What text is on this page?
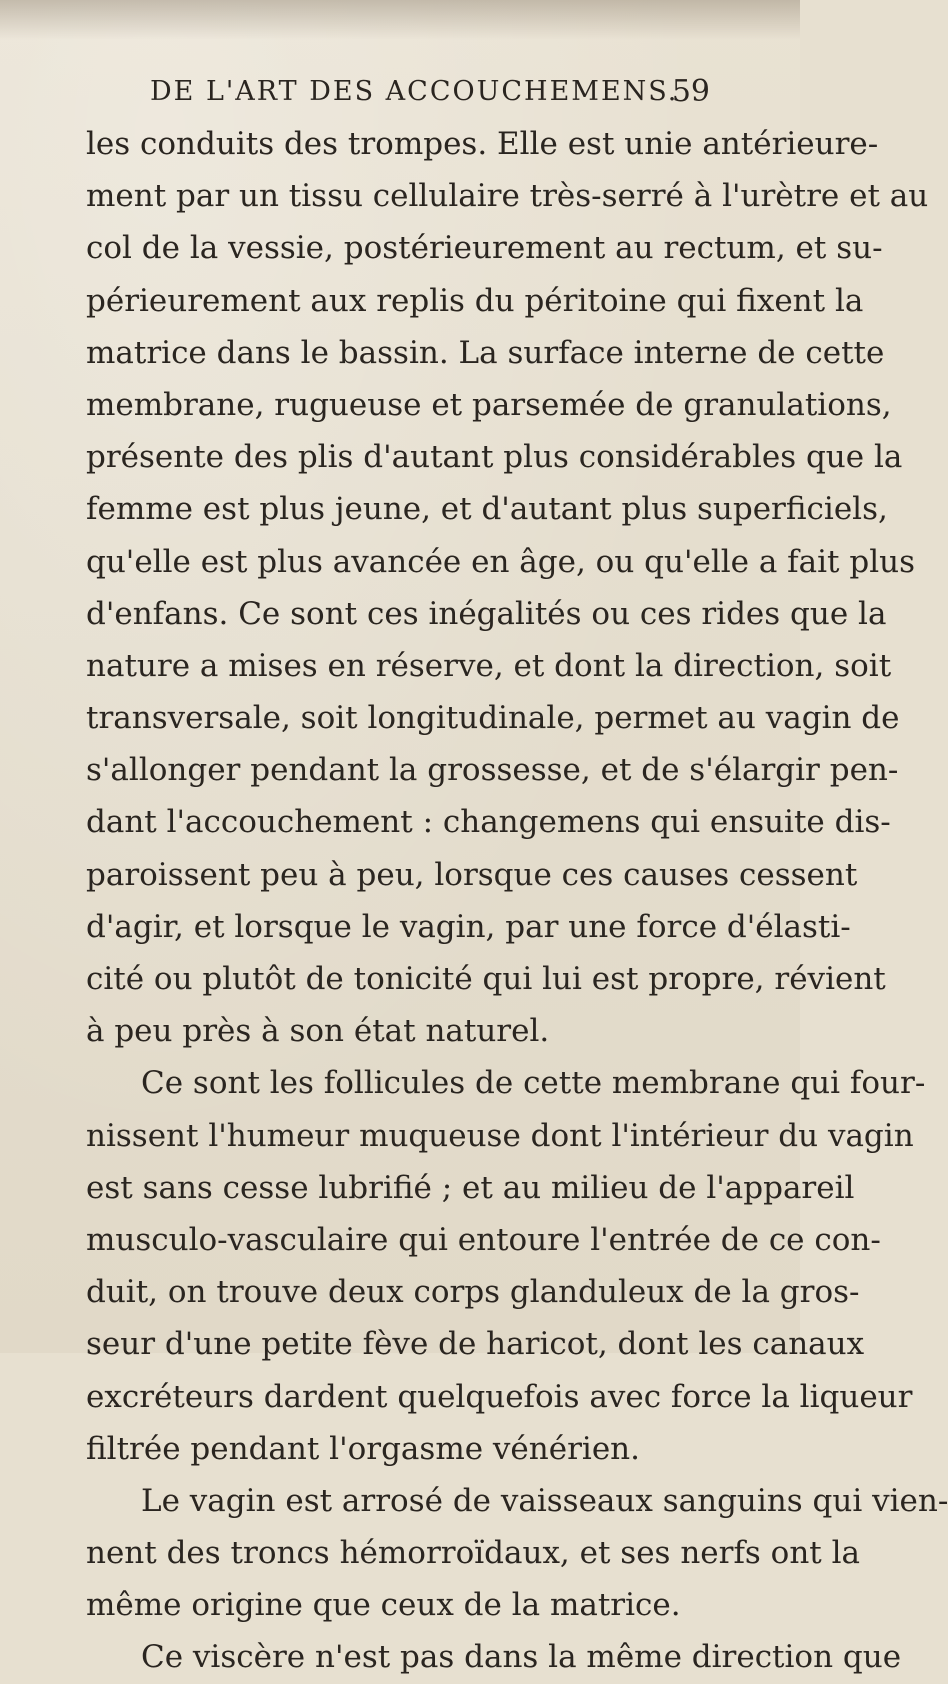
DE L'ART DES ACCOUCHEMENS.
59
les conduits des trompes. Elle est unie antérieure-
ment par un tissu cellulaire très-serré à l'urètre et au
col de la vessie, postérieurement au rectum, et su-
périeurement aux replis du péritoine qui fixent la
matrice dans le bassin. La surface interne de cette
membrane, rugueuse et parsemée de granulations,
présente des plis d'autant plus considérables que la
femme est plus jeune, et d'autant plus superficiels,
qu'elle est plus avancée en âge, ou qu'elle a fait plus
d'enfans. Ce sont ces inégalités ou ces rides que la
nature a mises en réserve, et dont la direction, soit
transversale, soit longitudinale, permet au vagin de
s'allonger pendant la grossesse, et de s'élargir pen-
dant l'accouchement : changemens qui ensuite dis-
paroissent peu à peu, lorsque ces causes cessent
d'agir, et lorsque le vagin, par une force d'élasti-
cité ou plutôt de tonicité qui lui est propre, révient
à peu près à son état naturel.
Ce sont les follicules de cette membrane qui four-
nissent l'humeur muqueuse dont l'intérieur du vagin
est sans cesse lubrifié ; et au milieu de l'appareil
musculo-vasculaire qui entoure l'entrée de ce con-
duit, on trouve deux corps glanduleux de la gros-
seur d'une petite fève de haricot, dont les canaux
excréteurs dardent quelquefois avec force la liqueur
filtrée pendant l'orgasme vénérien.
Le vagin est arrosé de vaisseaux sanguins qui vien-
nent des troncs hémorroïdaux, et ses nerfs ont la
même origine que ceux de la matrice.
Ce viscère n'est pas dans la même direction que
